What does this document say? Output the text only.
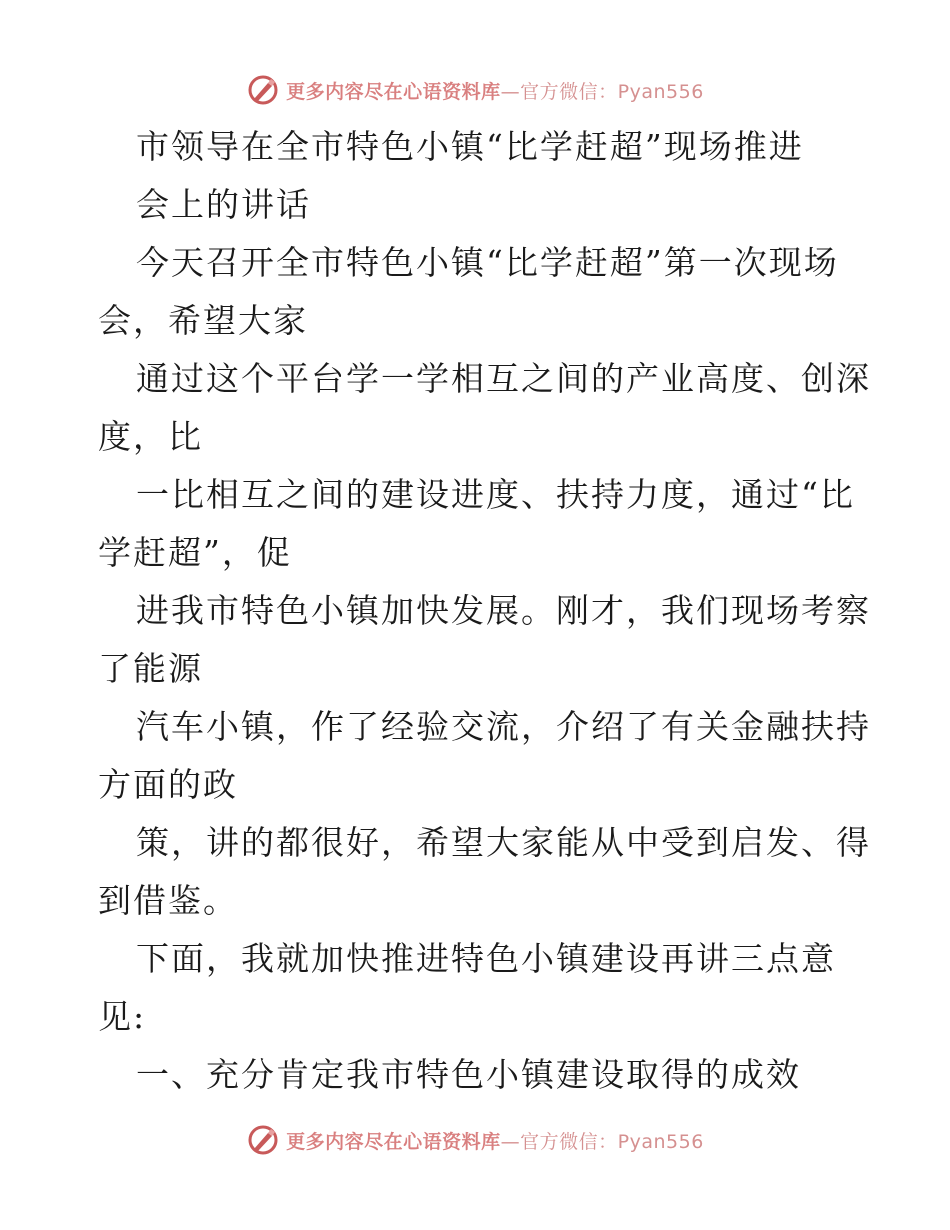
更多内容尽在心语资料库—官方微信：Pyan556
市领导在全市特色小镇“比学赶超”现场推进
会上的讲话
今天召开全市特色小镇“比学赶超”第一次现场
会，希望大家
通过这个平台学一学相互之间的产业高度、创深
度，比
一比相互之间的建设进度、扶持力度，通过“比
学赶超”，促
进我市特色小镇加快发展。刚才，我们现场考察
了能源
汽车小镇，作了经验交流，介绍了有关金融扶持
方面的政
策，讲的都很好，希望大家能从中受到启发、得
到借鉴。
下面，我就加快推进特色小镇建设再讲三点意
见:
一、充分肯定我市特色小镇建设取得的成效
更多内容尽在心语资料库—官方微信：Pyan556
